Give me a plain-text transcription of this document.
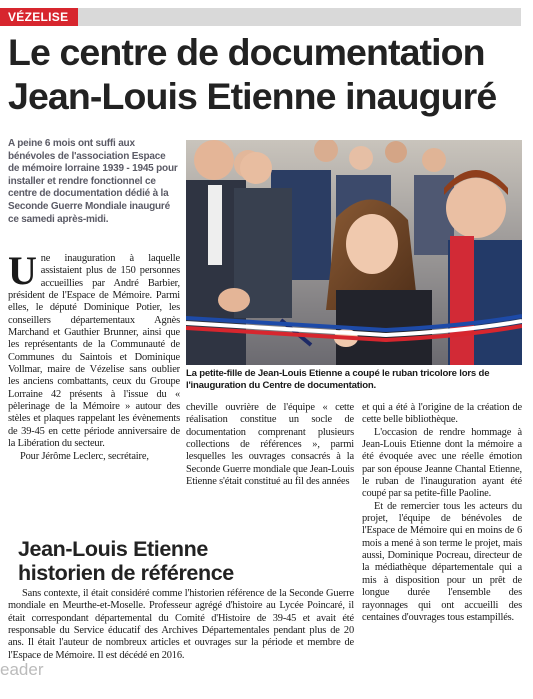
VÉZELISE
Le centre de documentation
Jean-Louis Etienne inauguré
A peine 6 mois ont suffi aux bénévoles de l'association Espace de mémoire lorraine 1939 - 1945 pour installer et rendre fonctionnel ce centre de documentation dédié à la Seconde Guerre Mondiale inauguré ce samedi après-midi.
La petite-fille de Jean-Louis Etienne a coupé le ruban tricolore lors de l'inauguration du Centre de documentation.

Une inauguration à laquelle assistaient plus de 150 personnes accueillies par André Barbier, président de l'Espace de Mémoire. Parmi elles, le député Dominique Potier, les conseillers départementaux Agnès Marchand et Gauthier Brunner, ainsi que les représentants de la Communauté de Communes du Saintois et Dominique Vollmar, maire de Vézelise sans oublier les anciens combattants, ceux du Groupe Lorraine 42 présents à l'issue du « pèlerinage de la Mémoire » autour des stèles et plaques rappelant les évènements de 39-45 en cette période anniversaire de la Libération du secteur.

Pour Jérôme Leclerc, secrétaire,

cheville ouvrière de l'équipe « cette réalisation constitue un socle de documentation comprenant plusieurs collections de références », parmi lesquelles les ouvrages consacrés à la Seconde Guerre mondiale que Jean-Louis Etienne s'était constitué au fil des années

et qui a été à l'origine de la création de cette belle bibliothèque.

L'occasion de rendre hommage à Jean-Louis Etienne dont la mémoire a été évoquée avec une réelle émotion par son épouse Jeanne Chantal Etienne, le ruban de l'inauguration ayant été coupé par sa petite-fille Paoline.

Et de remercier tous les acteurs du projet, l'équipe de bénévoles de l'Espace de Mémoire qui en moins de 6 mois a mené à son terme le projet, mais aussi, Dominique Pocreau, directeur de la médiathèque départementale qui a mis à disposition pour un prêt de longue durée l'ensemble des rayonnages qui ont accueilli des centaines d'ouvrages tous estampillés.

Jean-Louis Etienne
historien de référence

Sans contexte, il était considéré comme l'historien référence de la Seconde Guerre mondiale en Meurthe-et-Moselle. Professeur agrégé d'histoire au Lycée Poincaré, il était correspondant départemental du Comité d'Histoire de 39-45 et avait été responsable du Service éducatif des Archives Départementales pendant plus de 20 ans. Il était l'auteur de nombreux articles et ouvrages sur la période et membre de l'Espace de Mémoire. Il est décédé en 2016.

eader
